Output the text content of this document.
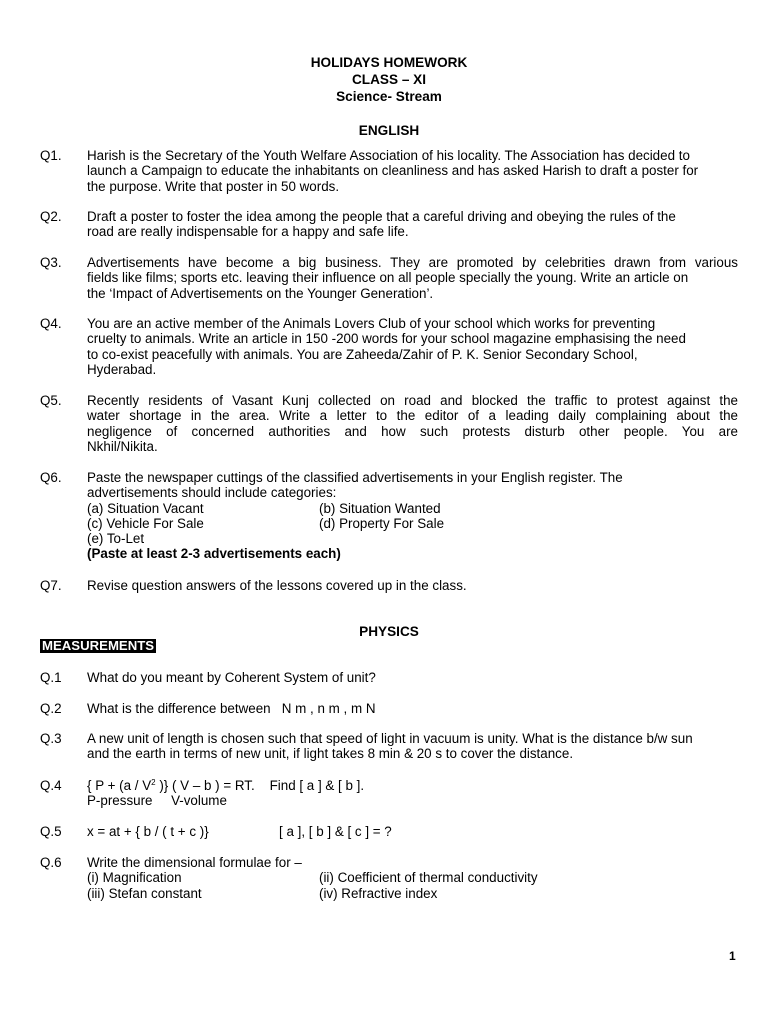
HOLIDAYS HOMEWORK
CLASS – XI
Science- Stream
ENGLISH
Q1. Harish is the Secretary of the Youth Welfare Association of his locality. The Association has decided to
launch a Campaign to educate the inhabitants on cleanliness and has asked Harish to draft a poster for
the purpose. Write that poster in 50 words.
Q2. Draft a poster to foster the idea among the people that a careful driving and obeying the rules of the
road are really indispensable for a happy and safe life.
Q3. Advertisements have become a big business. They are promoted by celebrities drawn from various
fields like films; sports etc. leaving their influence on all people specially the young. Write an article on
the ‘Impact of Advertisements on the Younger Generation’.
Q4. You are an active member of the Animals Lovers Club of your school which works for preventing
cruelty to animals. Write an article in 150 -200 words for your school magazine emphasising the need
to co-exist peacefully with animals. You are Zaheeda/Zahir of P. K. Senior Secondary School,
Hyderabad.
Q5. Recently residents of Vasant Kunj collected on road and blocked the traffic to protest against the
water shortage in the area. Write a letter to the editor of a leading daily complaining about the
negligence of concerned authorities and how such protests disturb other people. You are
Nkhil/Nikita.
Q6. Paste the newspaper cuttings of the classified advertisements in your English register. The
advertisements should include categories:
(a) Situation Vacant	(b) Situation Wanted
(c) Vehicle For Sale	(d) Property For Sale
(e) To-Let
(Paste at least 2-3 advertisements each)
Q7. Revise question answers of the lessons covered up in the class.
PHYSICS
MEASUREMENTS
Q.1 What do you meant by Coherent System of unit?
Q.2 What is the difference between   N m , n m , m N
Q.3 A new unit of length is chosen such that speed of light in vacuum is unity. What is the distance b/w sun
and the earth in terms of new unit, if light takes 8 min & 20 s to cover the distance.
Q.4 { $P + (a / V^2$ )} ( V – b ) = RT.    Find [ a ] & [ b ].
P-pressure     V-volume
Q.5 x = at + { b / ( t + c )}	[ a ], [ b ] & [ c ] = ?
Q.6 Write the dimensional formulae for –
(i) Magnification	(ii) Coefficient of thermal conductivity
(iii) Stefan constant	(iv) Refractive index
1
